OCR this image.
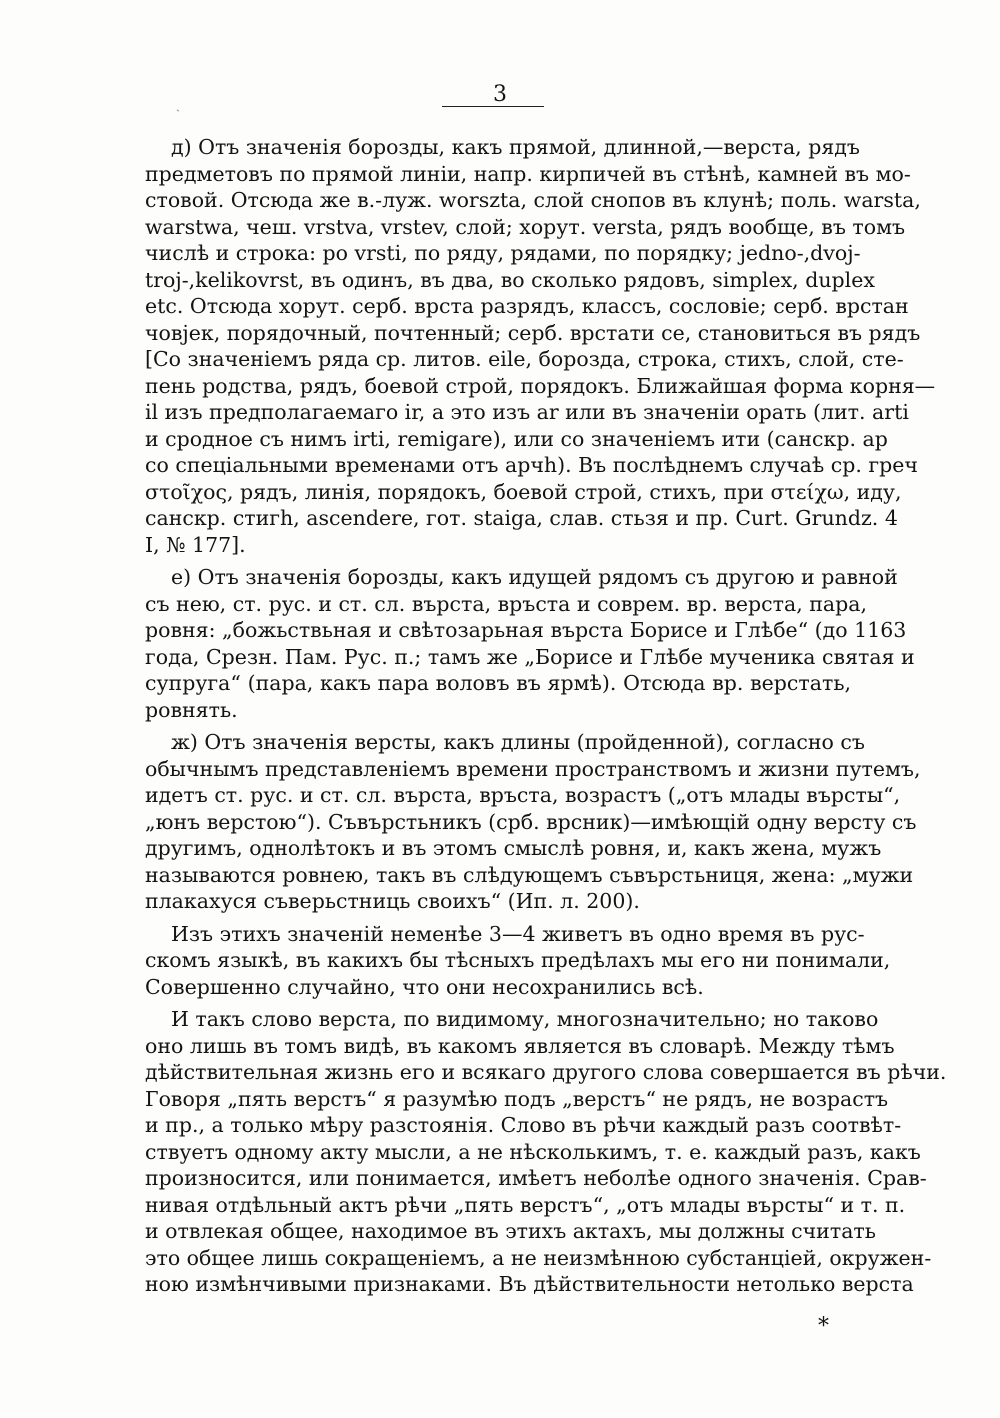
3
ˎ
д) Отъ значенія борозды, какъ прямой, длинной,—верста, рядъ
предметовъ по прямой линіи, напр. кирпичей въ стѣнѣ, камней въ мо-
стовой. Отсюда же в.-луж. worszta, слой снопов въ клунѣ; поль. warsta,
warstwa, чеш. vrstva, vrstev, слой; хорут. versta, рядъ вообще, въ томъ
числѣ и строка: po vrsti, по ряду, рядами, по порядку; jedno-,dvoj-
troj-,kelikovrst, въ одинъ, въ два, во сколько рядовъ, simplex, duplex
etc. Отсюда хорут. серб. врста разрядъ, классъ, сословіе; серб. врстан
човjек, порядочный, почтенный; серб. врстати се, становиться въ рядъ
[Со значеніемъ ряда ср. литов. eile, борозда, строка, стихъ, слой, сте-
пень родства, рядъ, боевой строй, порядокъ. Ближайшая форма корня—
il изъ предполагаемаго ir, а это изъ ar или въ значеніи орать (лит. arti
и сродное съ нимъ irti, remigare), или со значеніемъ ити (санскр. ар
со спеціальными временами отъ арчh). Въ послѣднемъ случаѣ ср. греч
στοῖχος, рядъ, линія, порядокъ, боевой строй, стихъ, при στείχω, иду,
санскр. стигh, ascendere, гот. staiga, слав. стьзя и пр. Curt. Grundz. 4
I, № 177].
е) Отъ значенія борозды, какъ идущей рядомъ съ другою и равной
съ нею, ст. рус. и ст. сл. върста, връста и соврем. вр. верста, пара,
ровня: „божьствьная и свѣтозарьная върста Борисе и Глѣбе“ (до 1163
года, Срезн. Пам. Рус. п.; тамъ же „Борисе и Глѣбе мученика святая и
супруга“ (пара, какъ пара воловъ въ ярмѣ). Отсюда вр. верстать,
ровнять.
ж) Отъ значенія версты, какъ длины (пройденной), согласно съ
обычнымъ представленіемъ времени пространствомъ и жизни путемъ,
идетъ ст. рус. и ст. сл. върста, връста, возрастъ („отъ млады върсты“,
„юнъ верстою“). Съвърстьникъ (срб. врсник)—имѣющій одну версту съ
другимъ, однолѣтокъ и въ этомъ смыслѣ ровня, и, какъ жена, мужъ
называются ровнею, такъ въ слѣдующемъ съвърстьниця, жена: „мужи
плакахуся съверьстниць своихъ“ (Ип. л. 200).
Изъ этихъ значеній неменѣе 3—4 живетъ въ одно время въ рус-
скомъ языкѣ, въ какихъ бы тѣсныхъ предѣлахъ мы его ни понимали,
Совершенно случайно, что они несохранились всѣ.
И такъ слово верста, по видимому, многозначительно; но таково
оно лишь въ томъ видѣ, въ какомъ является въ словарѣ. Между тѣмъ
дѣйствительная жизнь его и всякаго другого слова совершается въ рѣчи.
Говоря „пять верстъ“ я разумѣю подъ „верстъ“ не рядъ, не возрастъ
и пр., а только мѣру разстоянія. Слово въ рѣчи каждый разъ соотвѣт-
ствуетъ одному акту мысли, а не нѣсколькимъ, т. е. каждый разъ, какъ
произносится, или понимается, имѣетъ неболѣе одного значенія. Срав-
нивая отдѣльный актъ рѣчи „пять верстъ“, „отъ млады върсты“ и т. п.
и отвлекая общее, находимое въ этихъ актахъ, мы должны считать
это общее лишь сокращеніемъ, а не неизмѣнною субстанціей, окружен-
ною измѣнчивыми признаками. Въ дѣйствительности нетолько верста
*
